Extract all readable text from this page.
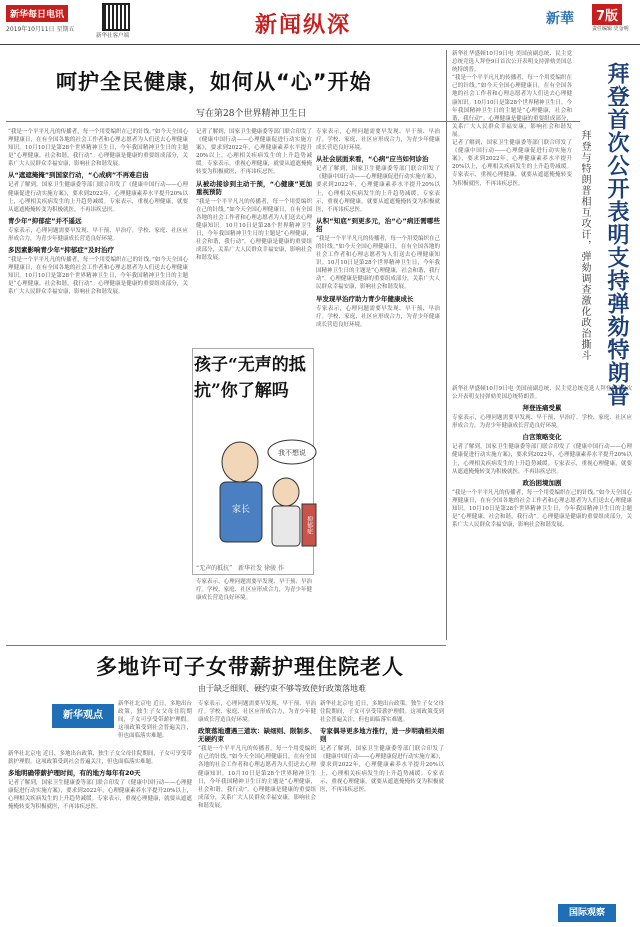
新华每日电讯
2019年10月11日 星期五
新华社客户端	新闻纵深	新華	7版
责任编辑 史金明
呵护全民健康，如何从“心”开始
写在第28个世界精神卫生日
“我是一个平平凡凡的传播者，每一个用爱编织在己的针线。”如今天全国心理健康日，在有全国各地的社会工作者和心理志愿者为人们送去心理健康知识。10月10日是第28个世界精神卫生日，今年我国精神卫生日的主题是“心理健康，社会和谐，我行动”。心理健康是健康的重要组成部分，关系广大人民群众幸福安康，影响社会和谐发展。
从“遮遮掩掩”到国家行动，“心成病”不再难启齿
记者了解到，国家卫生健康委等部门联合印发了《健康中国行动——心理健康促进行动实施方案》，要求到2022年，心理健康素养水平提升20%以上，心理相关疾病发生的上升趋势减缓。专家表示，重视心理健康，就要从遮遮掩掩转变为积极就医，不再讳疾忌医。
青少年“抑郁症”并不遥远
专家表示，心理问题需要早发现、早干预、早治疗。学校、家庭、社区应形成合力，为青少年健康成长营造良好环境。
多因素影响青少年“抑郁症”及时治疗
“我是一个平平凡凡的传播者，每一个用爱编织在己的针线。”如今天全国心理健康日，在有全国各地的社会工作者和心理志愿者为人们送去心理健康知识。10月10日是第28个世界精神卫生日，今年我国精神卫生日的主题是“心理健康，社会和谐，我行动”。心理健康是健康的重要组成部分，关系广大人民群众幸福安康，影响社会和谐发展。
记者了解到，国家卫生健康委等部门联合印发了《健康中国行动——心理健康促进行动实施方案》，要求到2022年，心理健康素养水平提升20%以上，心理相关疾病发生的上升趋势减缓。专家表示，重视心理健康，就要从遮遮掩掩转变为积极就医，不再讳疾忌医。
从被动接诊到主动干预，“心健康”更加重视预防
“我是一个平平凡凡的传播者，每一个用爱编织在己的针线。”如今天全国心理健康日，在有全国各地的社会工作者和心理志愿者为人们送去心理健康知识。10月10日是第28个世界精神卫生日，今年我国精神卫生日的主题是“心理健康，社会和谐，我行动”。心理健康是健康的重要组成部分，关系广大人民群众幸福安康，影响社会和谐发展。
专家表示，心理问题需要早发现、早干预、早治疗。学校、家庭、社区应形成合力，为青少年健康成长营造良好环境。
从社会层面来看，“心病”应当如何诊治
记者了解到，国家卫生健康委等部门联合印发了《健康中国行动——心理健康促进行动实施方案》，要求到2022年，心理健康素养水平提升20%以上，心理相关疾病发生的上升趋势减缓。专家表示，重视心理健康，就要从遮遮掩掩转变为积极就医，不再讳疾忌医。
从积“知底”到更多元，治“心”病还需哪些招
“我是一个平平凡凡的传播者，每一个用爱编织在己的针线。”如今天全国心理健康日，在有全国各地的社会工作者和心理志愿者为人们送去心理健康知识。10月10日是第28个世界精神卫生日，今年我国精神卫生日的主题是“心理健康，社会和谐，我行动”。心理健康是健康的重要组成部分，关系广大人民群众幸福安康，影响社会和谐发展。
早发现早治疗助力青少年健康成长
专家表示，心理问题需要早发现、早干预、早治疗。学校、家庭、社区应形成合力，为青少年健康成长营造良好环境。
孩子“无声的抵抗”你了解吗
家长
抑郁症
我不想说
“无声的抵抗”　新华社发 徐骏 作
专家表示，心理问题需要早发现、早干预、早治疗。学校、家庭、社区应形成合力，为青少年健康成长营造良好环境。
拜登首次公开表明支持弹劾特朗普
拜登与特朗普相互攻讦，弹劾调查激化政治撕斗
新华社华盛顿10月9日电 美国前副总统、民主党总统竞选人拜登9日首次公开表明支持弹劾美国总统特朗普。
“我是一个平平凡凡的传播者，每一个用爱编织在己的针线。”如今天全国心理健康日，在有全国各地的社会工作者和心理志愿者为人们送去心理健康知识。10月10日是第28个世界精神卫生日，今年我国精神卫生日的主题是“心理健康，社会和谐，我行动”。心理健康是健康的重要组成部分，关系广大人民群众幸福安康，影响社会和谐发展。
记者了解到，国家卫生健康委等部门联合印发了《健康中国行动——心理健康促进行动实施方案》，要求到2022年，心理健康素养水平提升20%以上，心理相关疾病发生的上升趋势减缓。专家表示，重视心理健康，就要从遮遮掩掩转变为积极就医，不再讳疾忌医。
新华社华盛顿10月9日电 美国前副总统、民主党总统竞选人拜登9日首次公开表明支持弹劾美国总统特朗普。
拜登连痛受累
专家表示，心理问题需要早发现、早干预、早治疗。学校、家庭、社区应形成合力，为青少年健康成长营造良好环境。
白宫策略变化
记者了解到，国家卫生健康委等部门联合印发了《健康中国行动——心理健康促进行动实施方案》，要求到2022年，心理健康素养水平提升20%以上，心理相关疾病发生的上升趋势减缓。专家表示，重视心理健康，就要从遮遮掩掩转变为积极就医，不再讳疾忌医。
政治困境加剧
“我是一个平平凡凡的传播者，每一个用爱编织在己的针线。”如今天全国心理健康日，在有全国各地的社会工作者和心理志愿者为人们送去心理健康知识。10月10日是第28个世界精神卫生日，今年我国精神卫生日的主题是“心理健康，社会和谐，我行动”。心理健康是健康的重要组成部分，关系广大人民群众幸福安康，影响社会和谐发展。
国际观察
多地许可子女带薪护理住院老人
由于缺乏细则、硬约束不够等致使好政策落地难
新华观点
新华社北京电 近日，多地出台政策，独生子女父母住院期间，子女可享受带薪护理假。这项政策受到社会普遍关注，但也面临落实难题。
新华社北京电 近日，多地出台政策，独生子女父母住院期间，子女可享受带薪护理假。这项政策受到社会普遍关注，但也面临落实难题。
多地明确带薪护理时间，有的地方每年有20天
记者了解到，国家卫生健康委等部门联合印发了《健康中国行动——心理健康促进行动实施方案》，要求到2022年，心理健康素养水平提升20%以上，心理相关疾病发生的上升趋势减缓。专家表示，重视心理健康，就要从遮遮掩掩转变为积极就医，不再讳疾忌医。
专家表示，心理问题需要早发现、早干预、早治疗。学校、家庭、社区应形成合力，为青少年健康成长营造良好环境。
政策落地遭遇三道坎：缺细则、限制多、无硬约束
“我是一个平平凡凡的传播者，每一个用爱编织在己的针线。”如今天全国心理健康日，在有全国各地的社会工作者和心理志愿者为人们送去心理健康知识。10月10日是第28个世界精神卫生日，今年我国精神卫生日的主题是“心理健康，社会和谐，我行动”。心理健康是健康的重要组成部分，关系广大人民群众幸福安康，影响社会和谐发展。
新华社北京电 近日，多地出台政策，独生子女父母住院期间，子女可享受带薪护理假。这项政策受到社会普遍关注，但也面临落实难题。
专家偶导更多地方推行，进一步明确相关细则
记者了解到，国家卫生健康委等部门联合印发了《健康中国行动——心理健康促进行动实施方案》，要求到2022年，心理健康素养水平提升20%以上，心理相关疾病发生的上升趋势减缓。专家表示，重视心理健康，就要从遮遮掩掩转变为积极就医，不再讳疾忌医。
